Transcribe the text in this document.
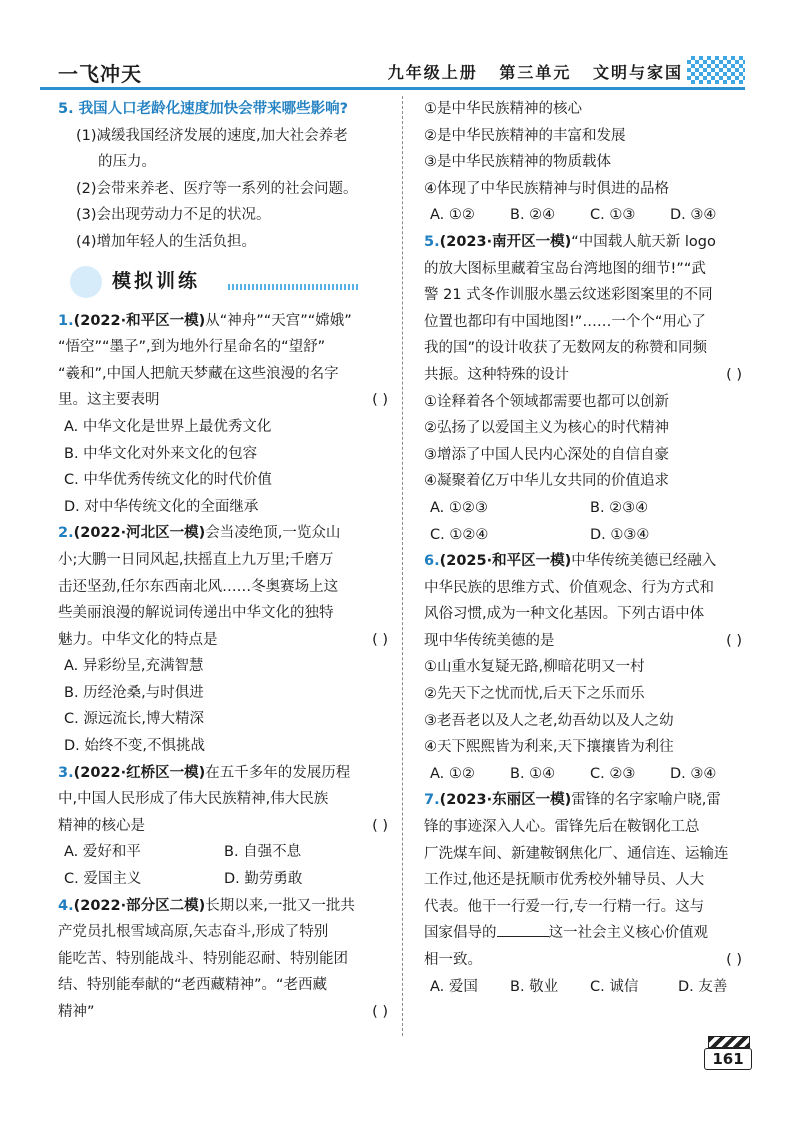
一飞冲天	九年级上册 第三单元 文明与家国
5. 我国人口老龄化速度加快会带来哪些影响?
(1)减缓我国经济发展的速度,加大社会养老
的压力。
(2)会带来养老、医疗等一系列的社会问题。
(3)会出现劳动力不足的状况。
(4)增加年轻人的生活负担。
模拟训练
1.(2022·和平区一模)从“神舟”“天宫”“嫦娥”
“悟空”“墨子”,到为地外行星命名的“望舒”
“羲和”,中国人把航天梦藏在这些浪漫的名字
里。这主要表明	( )
A. 中华文化是世界上最优秀文化
B. 中华文化对外来文化的包容
C. 中华优秀传统文化的时代价值
D. 对中华传统文化的全面继承
2.(2022·河北区一模)会当凌绝顶,一览众山
小;大鹏一日同风起,扶摇直上九万里;千磨万
击还坚劲,任尔东西南北风……冬奥赛场上这
些美丽浪漫的解说词传递出中华文化的独特
魅力。中华文化的特点是	( )
A. 异彩纷呈,充满智慧
B. 历经沧桑,与时俱进
C. 源远流长,博大精深
D. 始终不变,不惧挑战
3.(2022·红桥区一模)在五千多年的发展历程
中,中国人民形成了伟大民族精神,伟大民族
精神的核心是	( )
A. 爱好和平	B. 自强不息
C. 爱国主义	D. 勤劳勇敢
4.(2022·部分区二模)长期以来,一批又一批共
产党员扎根雪域高原,矢志奋斗,形成了特别
能吃苦、特别能战斗、特别能忍耐、特别能团
结、特别能奉献的“老西藏精神”。“老西藏
精神”	( )
①是中华民族精神的核心
②是中华民族精神的丰富和发展
③是中华民族精神的物质载体
④体现了中华民族精神与时俱进的品格
A. ①②	B. ②④	C. ①③	D. ③④
5.(2023·南开区一模)“中国载人航天新 logo
的放大图标里藏着宝岛台湾地图的细节!”“武
警 21 式冬作训服水墨云纹迷彩图案里的不同
位置也都印有中国地图!”……一个个“用心了
我的国”的设计收获了无数网友的称赞和同频
共振。这种特殊的设计	( )
①诠释着各个领域都需要也都可以创新
②弘扬了以爱国主义为核心的时代精神
③增添了中国人民内心深处的自信自豪
④凝聚着亿万中华儿女共同的价值追求
A. ①②③	B. ②③④
C. ①②④	D. ①③④
6.(2025·和平区一模)中华传统美德已经融入
中华民族的思维方式、价值观念、行为方式和
风俗习惯,成为一种文化基因。下列古语中体
现中华传统美德的是	( )
①山重水复疑无路,柳暗花明又一村
②先天下之忧而忧,后天下之乐而乐
③老吾老以及人之老,幼吾幼以及人之幼
④天下熙熙皆为利来,天下攘攘皆为利往
A. ①②	B. ①④	C. ②③	D. ③④
7.(2023·东丽区一模)雷锋的名字家喻户晓,雷
锋的事迹深入人心。雷锋先后在鞍钢化工总
厂洗煤车间、新建鞍钢焦化厂、通信连、运输连
工作过,他还是抚顺市优秀校外辅导员、人大
代表。他干一行爱一行,专一行精一行。这与
国家倡导的	这一社会主义核心价值观
相一致。	( )
A. 爱国	B. 敬业	C. 诚信	D. 友善
161
